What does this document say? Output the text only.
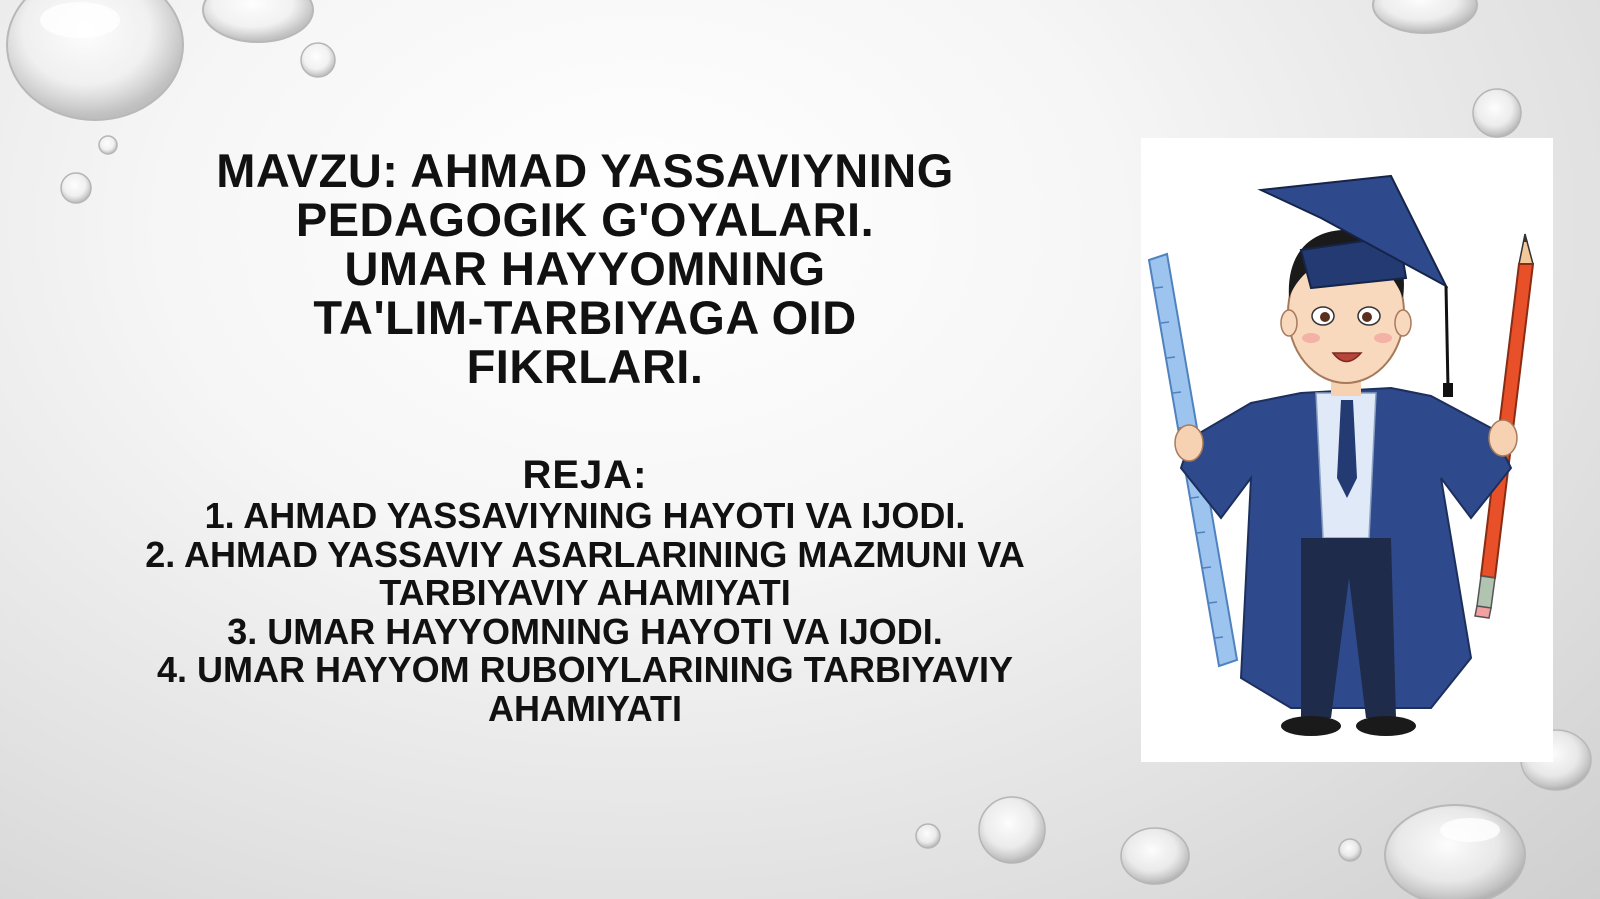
MAVZU: AHMAD YASSAVIYNING
PEDAGOGIK G'OYALARI.
UMAR HAYYOMNING
TA'LIM-TARBIYAGA OID
FIKRLARI.
REJA:
1. AHMAD YASSAVIYNING HAYOTI VA IJODI.
2. AHMAD YASSAVIY ASARLARINING MAZMUNI VA
TARBIYAVIY AHAMIYATI
3. UMAR HAYYOMNING HAYOTI VA IJODI.
4. UMAR HAYYOM RUBOIYLARINING TARBIYAVIY
AHAMIYATI
